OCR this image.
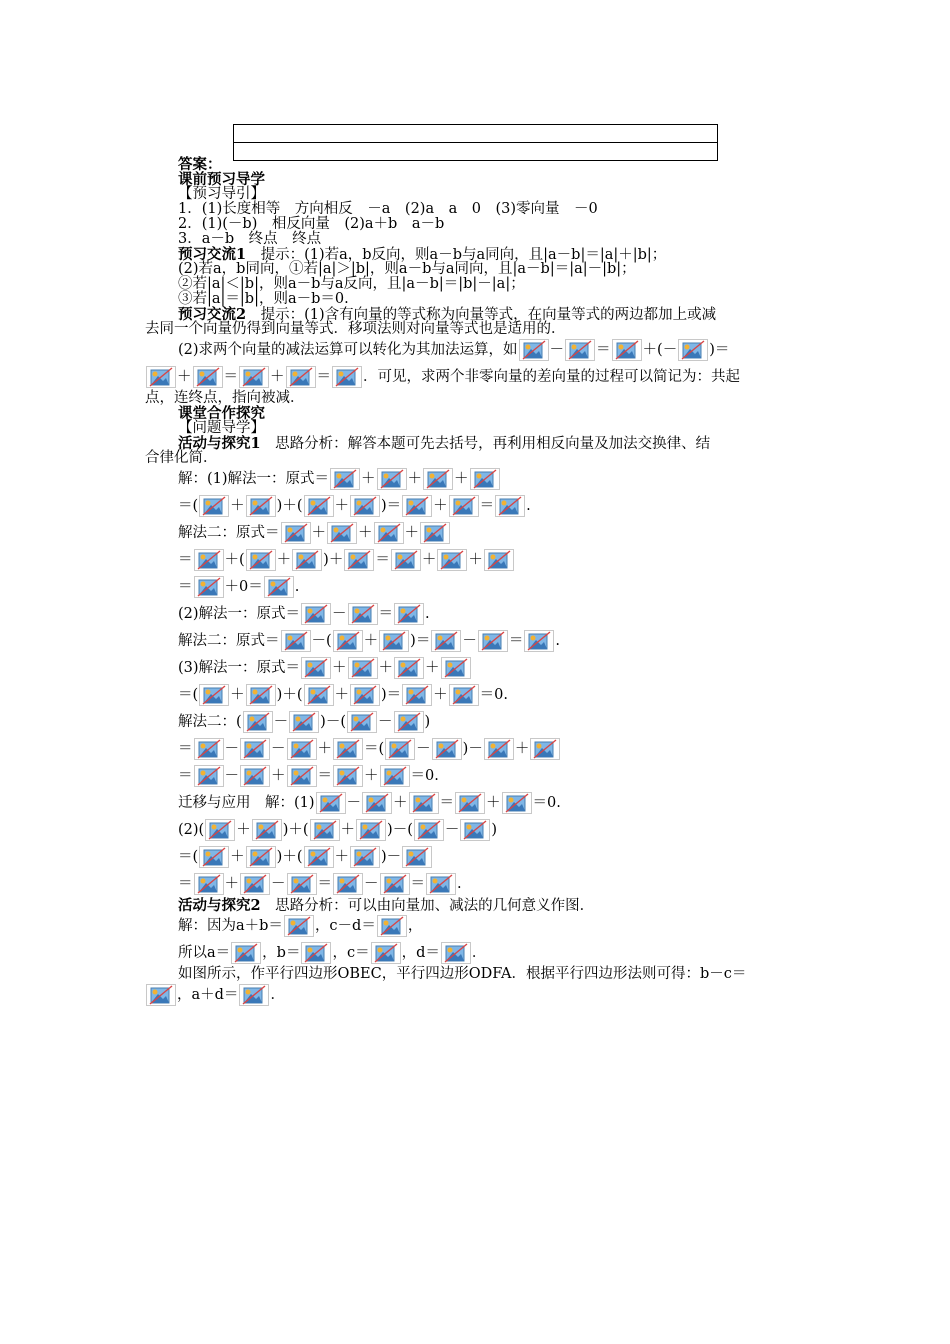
答案：
课前预习导学
【预习导引】
1．(1)长度相等　方向相反　－a　(2)a　a　0　(3)零向量　－0
2．(1)(－b)　相反向量　(2)a＋b　a－b
3．a－b　终点　终点
预习交流1　提示：(1)若a，b反向，则a－b与a同向，且|a－b|＝|a|＋|b|；
(2)若a，b同向，①若|a|＞|b|，则a－b与a同向，且|a－b|＝|a|－|b|；
②若|a|＜|b|，则a－b与a反向，且|a－b|＝|b|－|a|；
③若|a|＝|b|，则a－b＝0.
预习交流2　提示：(1)含有向量的等式称为向量等式，在向量等式的两边都加上或减
去同一个向量仍得到向量等式．移项法则对向量等式也是适用的．
(2)求两个向量的减法运算可以转化为其加法运算，如 － ＝ ＋(－ )＝
＋ ＝ ＋ ＝ ．可见，求两个非零向量的差向量的过程可以简记为：共起
点，连终点，指向被减．
课堂合作探究
【问题导学】
活动与探究1　思路分析：解答本题可先去括号，再利用相反向量及加法交换律、结
合律化简．
解：(1)解法一：原式＝ ＋ ＋ ＋
＝( ＋ )＋( ＋ )＝ ＋ ＝ .
解法二：原式＝ ＋ ＋ ＋
＝ ＋( ＋ )＋ ＝ ＋ ＋
＝ ＋0＝ .
(2)解法一：原式＝ － ＝ .
解法二：原式＝ －( ＋ )＝ － ＝ .
(3)解法一：原式＝ ＋ ＋ ＋
＝( ＋ )＋( ＋ )＝ ＋ ＝0.
解法二：( － )－( － )
＝ － － ＋ ＝( － )－ ＋
＝ － ＋ ＝ ＋ ＝0.
迁移与应用　解：(1) － ＋ ＝ ＋ ＝0.
(2)( ＋ )＋( ＋ )－( － )
＝( ＋ )＋( ＋ )－
＝ ＋ － ＝ － ＝ .
活动与探究2　思路分析：可以由向量加、减法的几何意义作图．
解：因为a＋b＝ ，c－d＝ ，
所以a＝ ，b＝ ，c＝ ，d＝ ．
如图所示，作平行四边形OBEC，平行四边形ODFA．根据平行四边形法则可得：b－c＝
，a＋d＝ ．
